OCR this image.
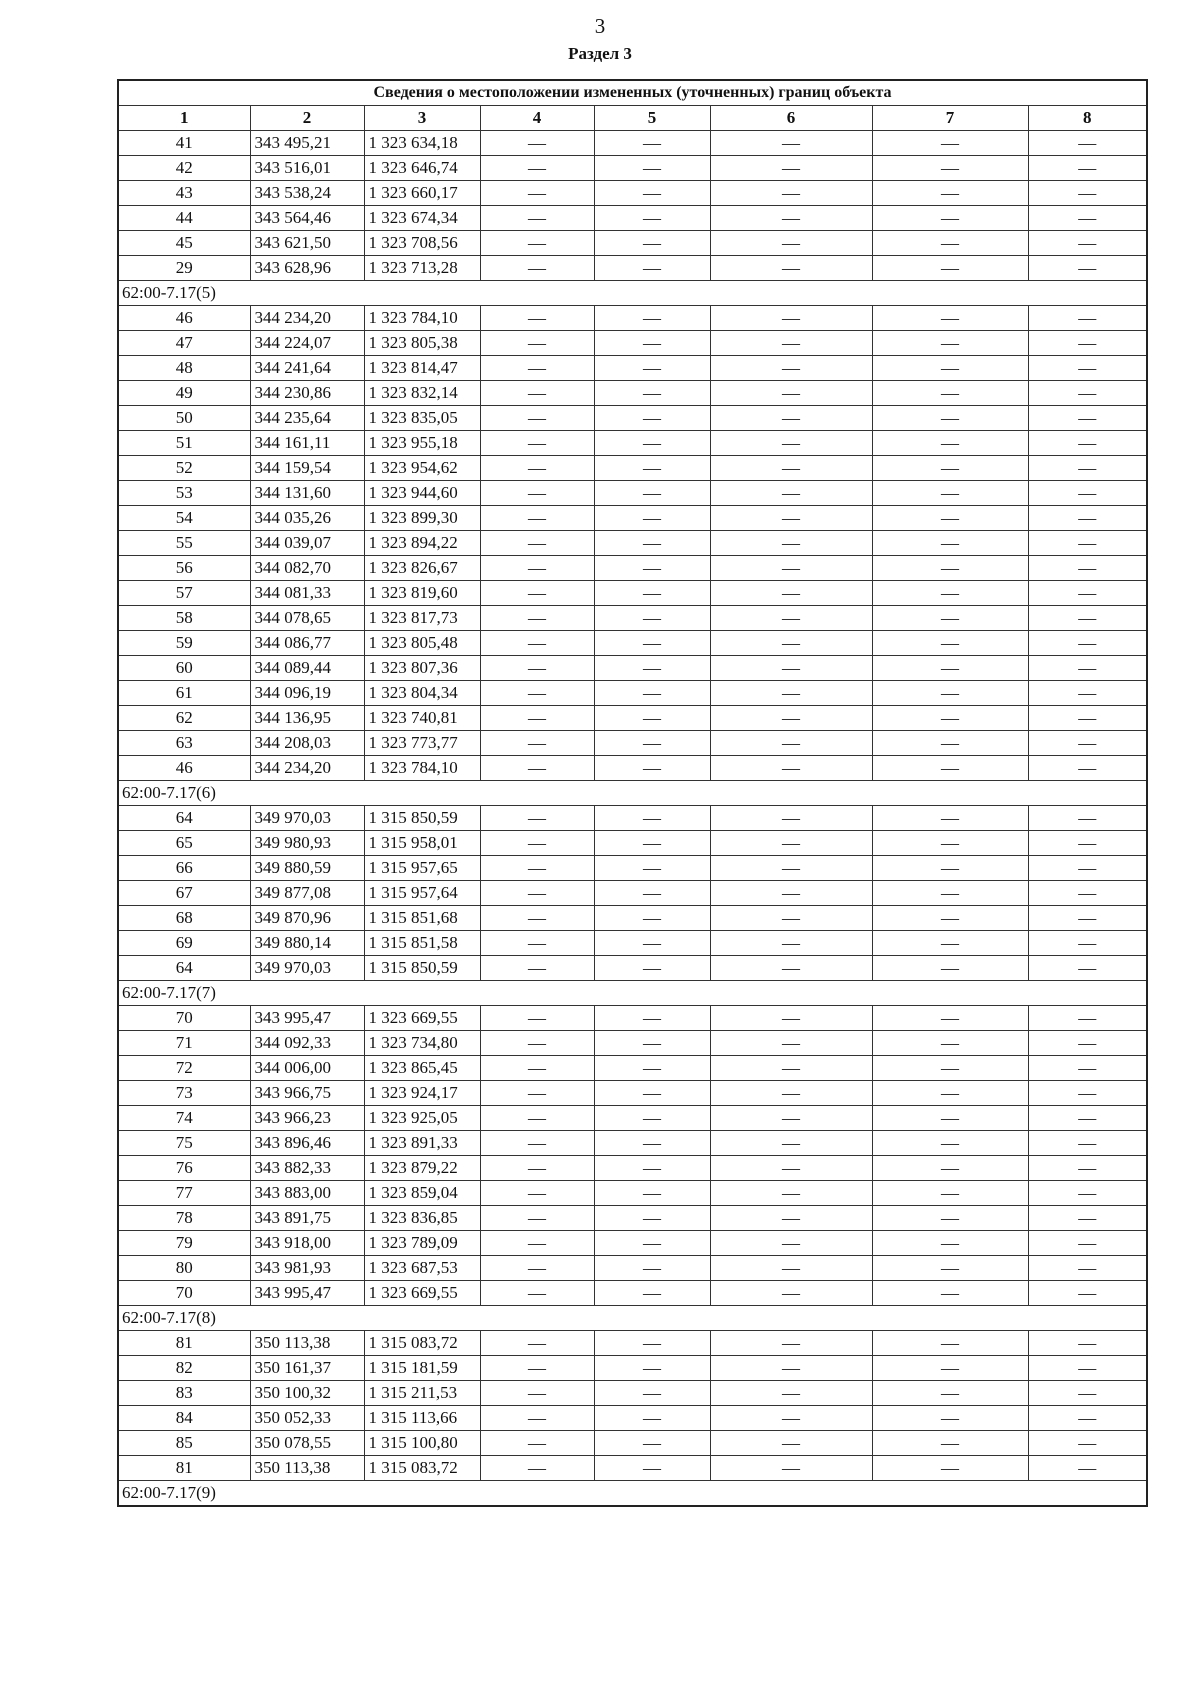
3
Раздел 3
Сведения о местоположении измененных (уточненных) границ объекта							
1	2	3	4	5	6	7	8
41	343 495,21	1 323 634,18	—	—	—	—	—
42	343 516,01	1 323 646,74	—	—	—	—	—
43	343 538,24	1 323 660,17	—	—	—	—	—
44	343 564,46	1 323 674,34	—	—	—	—	—
45	343 621,50	1 323 708,56	—	—	—	—	—
29	343 628,96	1 323 713,28	—	—	—	—	—
62:00-7.17(5)							
46	344 234,20	1 323 784,10	—	—	—	—	—
47	344 224,07	1 323 805,38	—	—	—	—	—
48	344 241,64	1 323 814,47	—	—	—	—	—
49	344 230,86	1 323 832,14	—	—	—	—	—
50	344 235,64	1 323 835,05	—	—	—	—	—
51	344 161,11	1 323 955,18	—	—	—	—	—
52	344 159,54	1 323 954,62	—	—	—	—	—
53	344 131,60	1 323 944,60	—	—	—	—	—
54	344 035,26	1 323 899,30	—	—	—	—	—
55	344 039,07	1 323 894,22	—	—	—	—	—
56	344 082,70	1 323 826,67	—	—	—	—	—
57	344 081,33	1 323 819,60	—	—	—	—	—
58	344 078,65	1 323 817,73	—	—	—	—	—
59	344 086,77	1 323 805,48	—	—	—	—	—
60	344 089,44	1 323 807,36	—	—	—	—	—
61	344 096,19	1 323 804,34	—	—	—	—	—
62	344 136,95	1 323 740,81	—	—	—	—	—
63	344 208,03	1 323 773,77	—	—	—	—	—
46	344 234,20	1 323 784,10	—	—	—	—	—
62:00-7.17(6)							
64	349 970,03	1 315 850,59	—	—	—	—	—
65	349 980,93	1 315 958,01	—	—	—	—	—
66	349 880,59	1 315 957,65	—	—	—	—	—
67	349 877,08	1 315 957,64	—	—	—	—	—
68	349 870,96	1 315 851,68	—	—	—	—	—
69	349 880,14	1 315 851,58	—	—	—	—	—
64	349 970,03	1 315 850,59	—	—	—	—	—
62:00-7.17(7)							
70	343 995,47	1 323 669,55	—	—	—	—	—
71	344 092,33	1 323 734,80	—	—	—	—	—
72	344 006,00	1 323 865,45	—	—	—	—	—
73	343 966,75	1 323 924,17	—	—	—	—	—
74	343 966,23	1 323 925,05	—	—	—	—	—
75	343 896,46	1 323 891,33	—	—	—	—	—
76	343 882,33	1 323 879,22	—	—	—	—	—
77	343 883,00	1 323 859,04	—	—	—	—	—
78	343 891,75	1 323 836,85	—	—	—	—	—
79	343 918,00	1 323 789,09	—	—	—	—	—
80	343 981,93	1 323 687,53	—	—	—	—	—
70	343 995,47	1 323 669,55	—	—	—	—	—
62:00-7.17(8)							
81	350 113,38	1 315 083,72	—	—	—	—	—
82	350 161,37	1 315 181,59	—	—	—	—	—
83	350 100,32	1 315 211,53	—	—	—	—	—
84	350 052,33	1 315 113,66	—	—	—	—	—
85	350 078,55	1 315 100,80	—	—	—	—	—
81	350 113,38	1 315 083,72	—	—	—	—	—
62:00-7.17(9)							
